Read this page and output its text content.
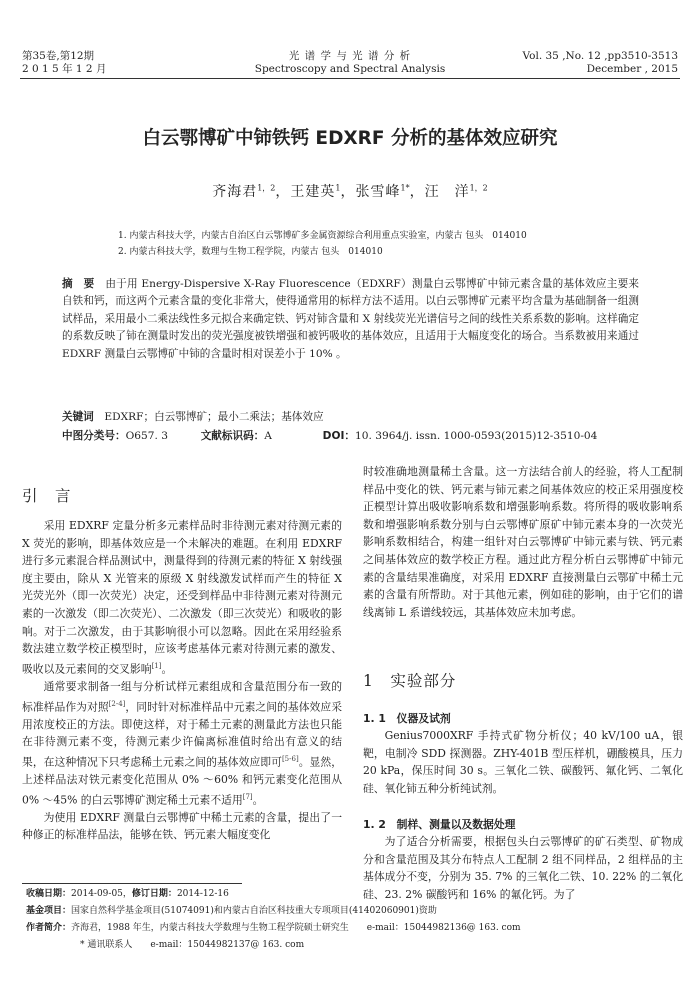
第35卷,第12期
2 0 1 5 年 1 2 月
光 谱 学 与 光 谱 分 析
Spectroscopy and Spectral Analysis
Vol. 35 ,No. 12 ,pp3510-3513
December , 2015
白云鄂博矿中铈铁钙 EDXRF 分析的基体效应研究
齐海君$^{1,2}$，王建英$^1$，张雪峰$^{1*}$，汪　洋$^{1,2}$
1. 内蒙古科技大学，内蒙古自治区白云鄂博矿多金属资源综合利用重点实验室，内蒙古 包头　014010
2. 内蒙古科技大学，数理与生物工程学院，内蒙古 包头　014010
摘　要　 由于用 Energy-Dispersive X-Ray Fluorescence（EDXRF）测量白云鄂博矿中铈元素含量的基体效应主要来自铁和钙，而这两个元素含量的变化非常大，使得通常用的标样方法不适用。以白云鄂博矿元素平均含量为基础制备一组测试样品，采用最小二乘法线性多元拟合来确定铁、钙对铈含量和 X 射线荧光光谱信号之间的线性关系系数的影响。这样确定的系数反映了铈在测量时发出的荧光强度被铁增强和被钙吸收的基体效应，且适用于大幅度变化的场合。当系数被用来通过 EDXRF 测量白云鄂博矿中铈的含量时相对误差小于 10% 。
关键词　 EDXRF；白云鄂博矿；最小二乘法；基体效应
中图分类号：O657. 3	文献标识码：A	DOI：10. 3964/j. issn. 1000-0593(2015)12-3510-04
引　言

采用 EDXRF 定量分析多元素样品时非待测元素对待测元素的 X 荧光的影响，即基体效应是一个未解决的难题。在利用 EDXRF 进行多元素混合样品测试中，测量得到的待测元素的特征 X 射线强度主要由，除从 X 光管来的原级 X 射线激发试样而产生的特征 X 光荧光外（即一次荧光）决定，还受到样品中非待测元素对待测元素的一次激发（即二次荧光）、二次激发（即三次荧光）和吸收的影响。对于二次激发，由于其影响很小可以忽略。因此在采用经验系数法建立数学校正模型时，应该考虑基体元素对待测元素的激发、吸收以及元素间的交叉影响[1]。

通常要求制备一组与分析试样元素组成和含量范围分布一致的标准样品作为对照[2-4]，同时针对标准样品中元素之间的基体效应采用浓度校正的方法。即使这样，对于稀土元素的测量此方法也只能在非待测元素不变，待测元素少许偏离标准值时给出有意义的结果，在这种情况下只考虑稀土元素之间的基体效应即可[5-6]。显然，上述样品法对铁元素变化范围从 0% ～60% 和钙元素变化范围从 0% ～45% 的白云鄂博矿测定稀土元素不适用[7]。

为使用 EDXRF 测量白云鄂博矿中稀土元素的含量，提出了一种修正的标准样品法，能够在铁、钙元素大幅度变化

时较准确地测量稀土含量。这一方法结合前人的经验，将人工配制样品中变化的铁、钙元素与铈元素之间基体效应的校正采用强度校正模型计算出吸收影响系数和增强影响系数。将所得的吸收影响系数和增强影响系数分别与白云鄂博矿原矿中铈元素本身的一次荧光影响系数相结合，构建一组针对白云鄂博矿中铈元素与铁、钙元素之间基体效应的数学校正方程。通过此方程分析白云鄂博矿中铈元素的含量结果准确度，对采用 EDXRF 直接测量白云鄂矿中稀土元素的含量有所帮助。对于其他元素，例如硅的影响，由于它们的谱线离铈 L 系谱线较远，其基体效应未加考虑。

1　实验部分
1. 1　仪器及试剂

Genius7000XRF 手持式矿物分析仪；40 kV/100 uA，银靶，电制冷 SDD 探测器。ZHY-401B 型压样机，硼酸模具，压力 20 kPa，保压时间 30 s。三氧化二铁、碳酸钙、氟化钙、二氧化硅、氧化铈五种分析纯试剂。

1. 2　制样、测量以及数据处理

为了适合分析需要，根据包头白云鄂博矿的矿石类型、矿物成分和含量范围及其分布特点人工配制 2 组不同样品，2 组样品的主基体成分不变，分别为 35. 7% 的三氧化二铁、10. 22% 的二氧化硅、23. 2% 碳酸钙和 16% 的氟化钙。为了

收稿日期：2014-09-05，修订日期：2014-12-16
基金项目：国家自然科学基金项目(51074091)和内蒙古自治区科技重大专项项目(41402060901)资助
作者简介：齐海君，1988 年生，内蒙古科技大学数理与生物工程学院硕士研究生　　e-mail：15044982136@ 163. com
* 通讯联系人　　e-mail：15044982137@ 163. com
